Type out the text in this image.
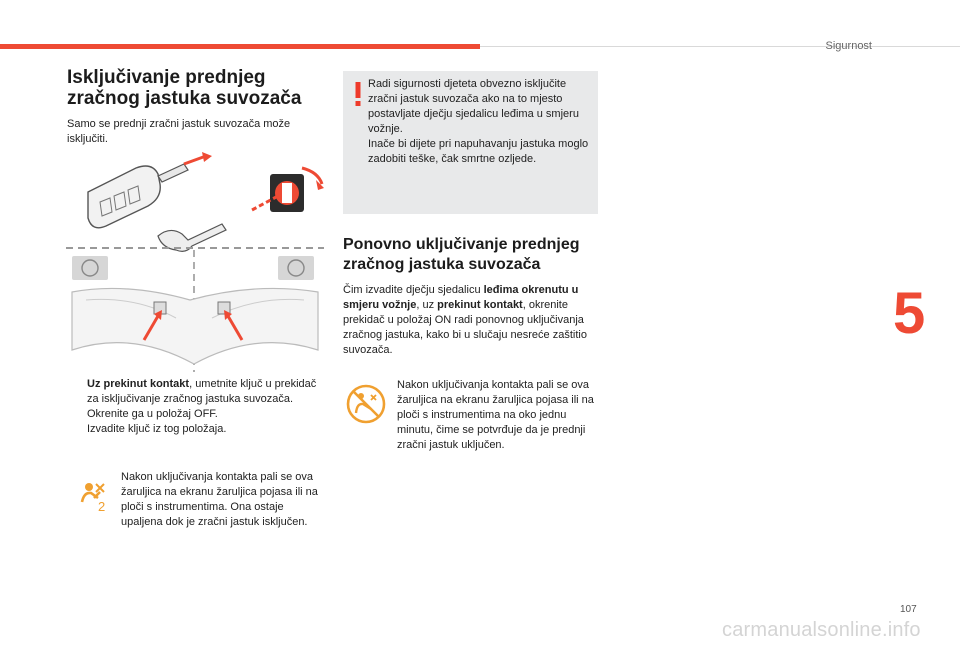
Sigurnost
5
Isključivanje prednjeg
zračnog jastuka suvozača

Samo se prednji zračni jastuk suvozača može isključiti.

Uz prekinut kontakt, umetnite ključ u prekidač za isključivanje zračnog jastuka suvozača.
Okrenite ga u položaj OFF.
Izvadite ključ iz tog položaja.
2

Nakon uključivanja kontakta pali se ova žaruljica na ekranu žaruljica pojasa ili na ploči s instrumentima. Ona ostaje upaljena dok je zračni jastuk isključen.

Radi sigurnosti djeteta obvezno isključite zračni jastuk suvozača ako na to mjesto postavljate dječju sjedalicu leđima u smjeru vožnje.
Inače bi dijete pri napuhavanju jastuka moglo zadobiti teške, čak smrtne ozljede.

Ponovno uključivanje prednjeg
zračnog jastuka suvozača

Čim izvadite dječju sjedalicu leđima okrenutu u smjeru vožnje, uz prekinut kontakt, okrenite prekidač u položaj ON radi ponovnog uključivanja zračnog jastuka, kako bi u slučaju nesreće zaštitio suvozača.

Nakon uključivanja kontakta pali se ova žaruljica na ekranu žaruljica pojasa ili na ploči s instrumentima na oko jednu minutu, čime se potvrđuje da je prednji zračni jastuk uključen.

107
carmanualsonline.info
